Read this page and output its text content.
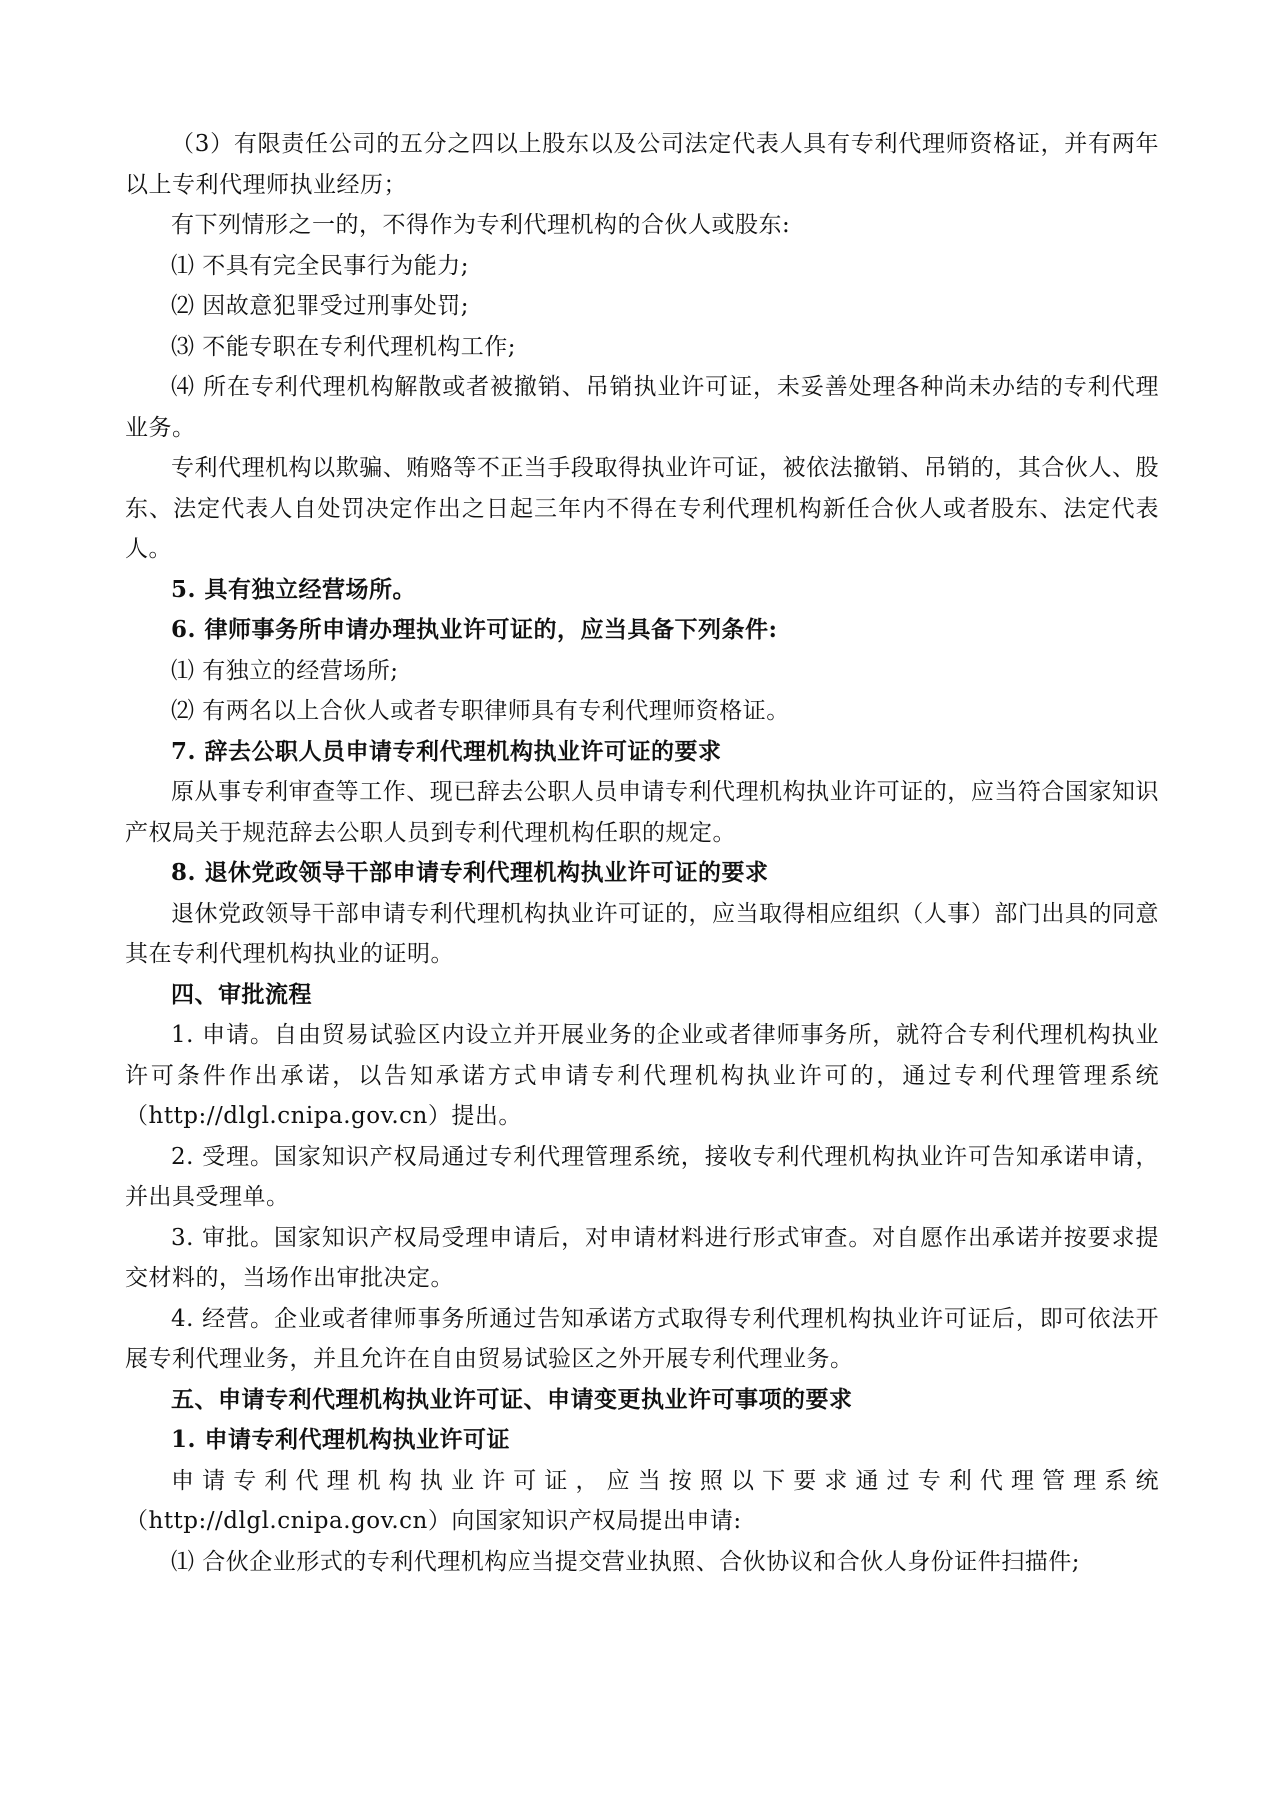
（3）有限责任公司的五分之四以上股东以及公司法定代表人具有专利代理师资格证，并有两年以上专利代理师执业经历；

有下列情形之一的，不得作为专利代理机构的合伙人或股东:

⑴ 不具有完全民事行为能力;

⑵ 因故意犯罪受过刑事处罚;

⑶ 不能专职在专利代理机构工作;

⑷ 所在专利代理机构解散或者被撤销、吊销执业许可证，未妥善处理各种尚未办结的专利代理业务。

专利代理机构以欺骗、贿赂等不正当手段取得执业许可证，被依法撤销、吊销的，其合伙人、股东、法定代表人自处罚决定作出之日起三年内不得在专利代理机构新任合伙人或者股东、法定代表人。

5. 具有独立经营场所。

6. 律师事务所申请办理执业许可证的，应当具备下列条件:

⑴ 有独立的经营场所;

⑵ 有两名以上合伙人或者专职律师具有专利代理师资格证。

7. 辞去公职人员申请专利代理机构执业许可证的要求

原从事专利审查等工作、现已辞去公职人员申请专利代理机构执业许可证的，应当符合国家知识产权局关于规范辞去公职人员到专利代理机构任职的规定。

8. 退休党政领导干部申请专利代理机构执业许可证的要求

退休党政领导干部申请专利代理机构执业许可证的，应当取得相应组织（人事）部门出具的同意其在专利代理机构执业的证明。

四、审批流程

1. 申请。自由贸易试验区内设立并开展业务的企业或者律师事务所，就符合专利代理机构执业许可条件作出承诺，以告知承诺方式申请专利代理机构执业许可的，通过专利代理管理系统（http://dlgl.cnipa.gov.cn）提出。

2. 受理。国家知识产权局通过专利代理管理系统，接收专利代理机构执业许可告知承诺申请，并出具受理单。

3. 审批。国家知识产权局受理申请后，对申请材料进行形式审查。对自愿作出承诺并按要求提交材料的，当场作出审批决定。

4. 经营。企业或者律师事务所通过告知承诺方式取得专利代理机构执业许可证后，即可依法开展专利代理业务，并且允许在自由贸易试验区之外开展专利代理业务。

五、申请专利代理机构执业许可证、申请变更执业许可事项的要求

1. 申请专利代理机构执业许可证

申请专利代理机构执业许可证，应当按照以下要求通过专利代理管理系统（http://dlgl.cnipa.gov.cn）向国家知识产权局提出申请:

⑴ 合伙企业形式的专利代理机构应当提交营业执照、合伙协议和合伙人身份证件扫描件;
